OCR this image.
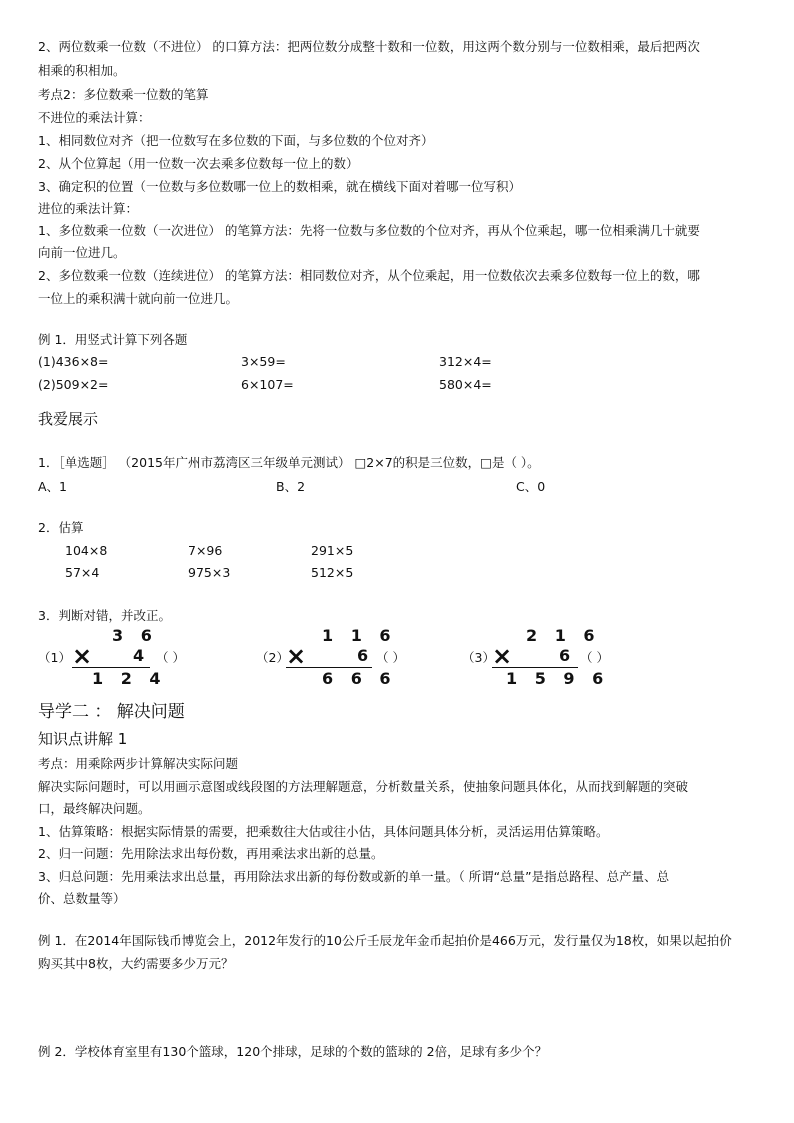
2、两位数乘一位数（不进位） 的口算方法：把两位数分成整十数和一位数，用这两个数分别与一位数相乘，最后把两次
相乘的积相加。
考点2：多位数乘一位数的笔算
不进位的乘法计算：
1、相同数位对齐（把一位数写在多位数的下面，与多位数的个位对齐）
2、从个位算起（用一位数一次去乘多位数每一位上的数）
3、确定积的位置（一位数与多位数哪一位上的数相乘，就在横线下面对着哪一位写积）
进位的乘法计算：
1、多位数乘一位数（一次进位） 的笔算方法：先将一位数与多位数的个位对齐，再从个位乘起，哪一位相乘满几十就要
向前一位进几。
2、多位数乘一位数（连续进位） 的笔算方法：相同数位对齐，从个位乘起，用一位数依次去乘多位数每一位上的数，哪
一位上的乘积满十就向前一位进几。
例 1．用竖式计算下列各题
(1)436×8=	3×59=	312×4=
(2)509×2=	6×107=	580×4=
我爱展示
1．［单选题］ （2015年广州市荔湾区三年级单元测试） □2×7的积是三位数，□是（ ）。
A、1	B、2	C、0
2．估算
104×8	7×96	291×5
57×4	975×3	512×5
3．判断对错，并改正。
（1）
3 6
×	4
1 2 4
（ ）	（2）
1 1 6
×	6
6 6 6
（ ）	（3）
2 1 6
×	6
1 5 9 6
（ ）
导学二 ： 解决问题
知识点讲解 1
考点：用乘除两步计算解决实际问题
解决实际问题时，可以用画示意图或线段图的方法理解题意，分析数量关系，使抽象问题具体化，从而找到解题的突破
口，最终解决问题。
1、估算策略：根据实际情景的需要，把乘数往大估或往小估，具体问题具体分析，灵活运用估算策略。
2、归一问题：先用除法求出每份数，再用乘法求出新的总量。
3、归总问题：先用乘法求出总量，再用除法求出新的每份数或新的单一量。（ 所谓“总量”是指总路程、总产量、总
价、总数量等）
例 1．在2014年国际钱币博览会上，2012年发行的10公斤壬辰龙年金币起拍价是466万元，发行量仅为18枚，如果以起拍价
购买其中8枚，大约需要多少万元？
例 2．学校体育室里有130个篮球，120个排球，足球的个数的篮球的 2倍，足球有多少个？
